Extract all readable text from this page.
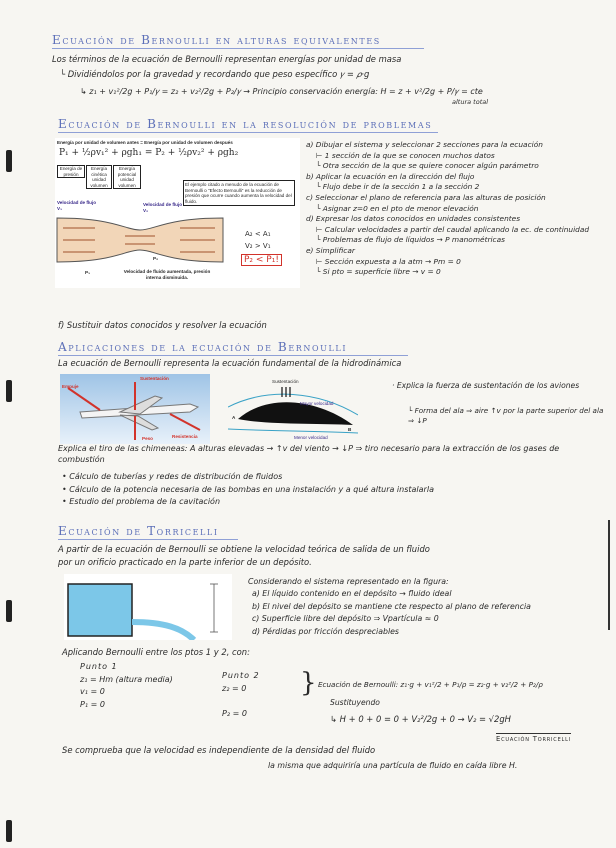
Ecuación de Bernoulli en alturas equivalentes
Los términos de la ecuación de Bernoulli representan energías por unidad de masa
└ Dividiéndolos por la gravedad y recordando que peso específico 𝛾 = 𝜌·g
↳ z₁ + v₁²/2g + P₁/𝛾 = z₂ + v₂²/2g + P₂/𝛾 → Principio conservación energía: H = z + v²/2g + P/𝛾 = cte
altura total
Ecuación de Bernoulli en la resolución de problemas
Energía por unidad de volumen antes = Energía por unidad de volumen después
P₁ + ½ρv₁² + ρgh₁ = P₂ + ½ρv₂² + ρgh₂
Energía de presión
Energía cinética unidad volumen
Energía potencial unidad volumen	El ejemplo citado a menudo de la ecuación de Bernoulli o "Efecto Bernoulli" es la reducción de presión que ocurre cuando aumenta la velocidad del fluido.
Velocidad de flujo V₁
Velocidad de flujo V₂
P₁
P₂
Velocidad de fluido aumentada, presión interna disminuida.
A₂ < A₁
V₂ > V₁
P₂ < P₁!
a) Dibujar el sistema y seleccionar 2 secciones para la ecuación
⊢ 1 sección de la que se conocen muchos datos
└ Otra sección de la que se quiere conocer algún parámetro
b) Aplicar la ecuación en la dirección del flujo
└ Flujo debe ir de la sección 1 a la sección 2
c) Seleccionar el plano de referencia para las alturas de posición
└ Asignar z=0 en el pto de menor elevación
d) Expresar los datos conocidos en unidades consistentes
⊢ Calcular velocidades a partir del caudal aplicando la ec. de continuidad
└ Problemas de flujo de líquidos → P manométricas
e) Simplificar
⊢ Sección expuesta a la atm → Pm = 0
└ Si pto = superficie libre → v = 0
f) Sustituir datos conocidos y resolver la ecuación
Aplicaciones de la ecuación de Bernoulli
La ecuación de Bernoulli representa la ecuación fundamental de la hidrodinámica
Sustentación
Empuje
Peso	Resistencia
Sustentación
Mayor velocidad
Menor velocidad
A
B
· Explica la fuerza de sustentación de los aviones
└ Forma del ala ⇒ aire ↑v por la parte superior del ala ⇒ ↓P
Explica el tiro de las chimeneas: A alturas elevadas → ↑v del viento → ↓P ⇒ tiro necesario para la extracción de los gases de combustión
• Cálculo de tuberías y redes de distribución de fluidos
• Cálculo de la potencia necesaria de las bombas en una instalación y a qué altura instalarla
• Estudio del problema de la cavitación
Ecuación de Torricelli
A partir de la ecuación de Bernoulli se obtiene la velocidad teórica de salida de un fluido
por un orificio practicado en la parte inferior de un depósito.
Considerando el sistema representado en la figura:
a) El líquido contenido en el depósito → fluido ideal
b) El nivel del depósito se mantiene cte respecto al plano de referencia
c) Superficie libre del depósito ⇒ Vpartícula ≈ 0
d) Pérdidas por fricción despreciables
Aplicando Bernoulli entre los ptos 1 y 2, con:
Punto 1
z₁ = Hm (altura media)
v₁ = 0
P₁ = 0
Punto 2
z₂ = 0
P₂ = 0
} Ecuación de Bernoulli: z₁·g + v₁²/2 + P₁/ρ = z₂·g + v₂²/2 + P₂/ρ
Sustituyendo
↳ H + 0 + 0 = 0 + V₂²/2g + 0 → V₂ = √2gH
Ecuación Torricelli
Se comprueba que la velocidad es independiente de la densidad del fluido
la misma que adquiriría una partícula de fluido en caída libre H.
